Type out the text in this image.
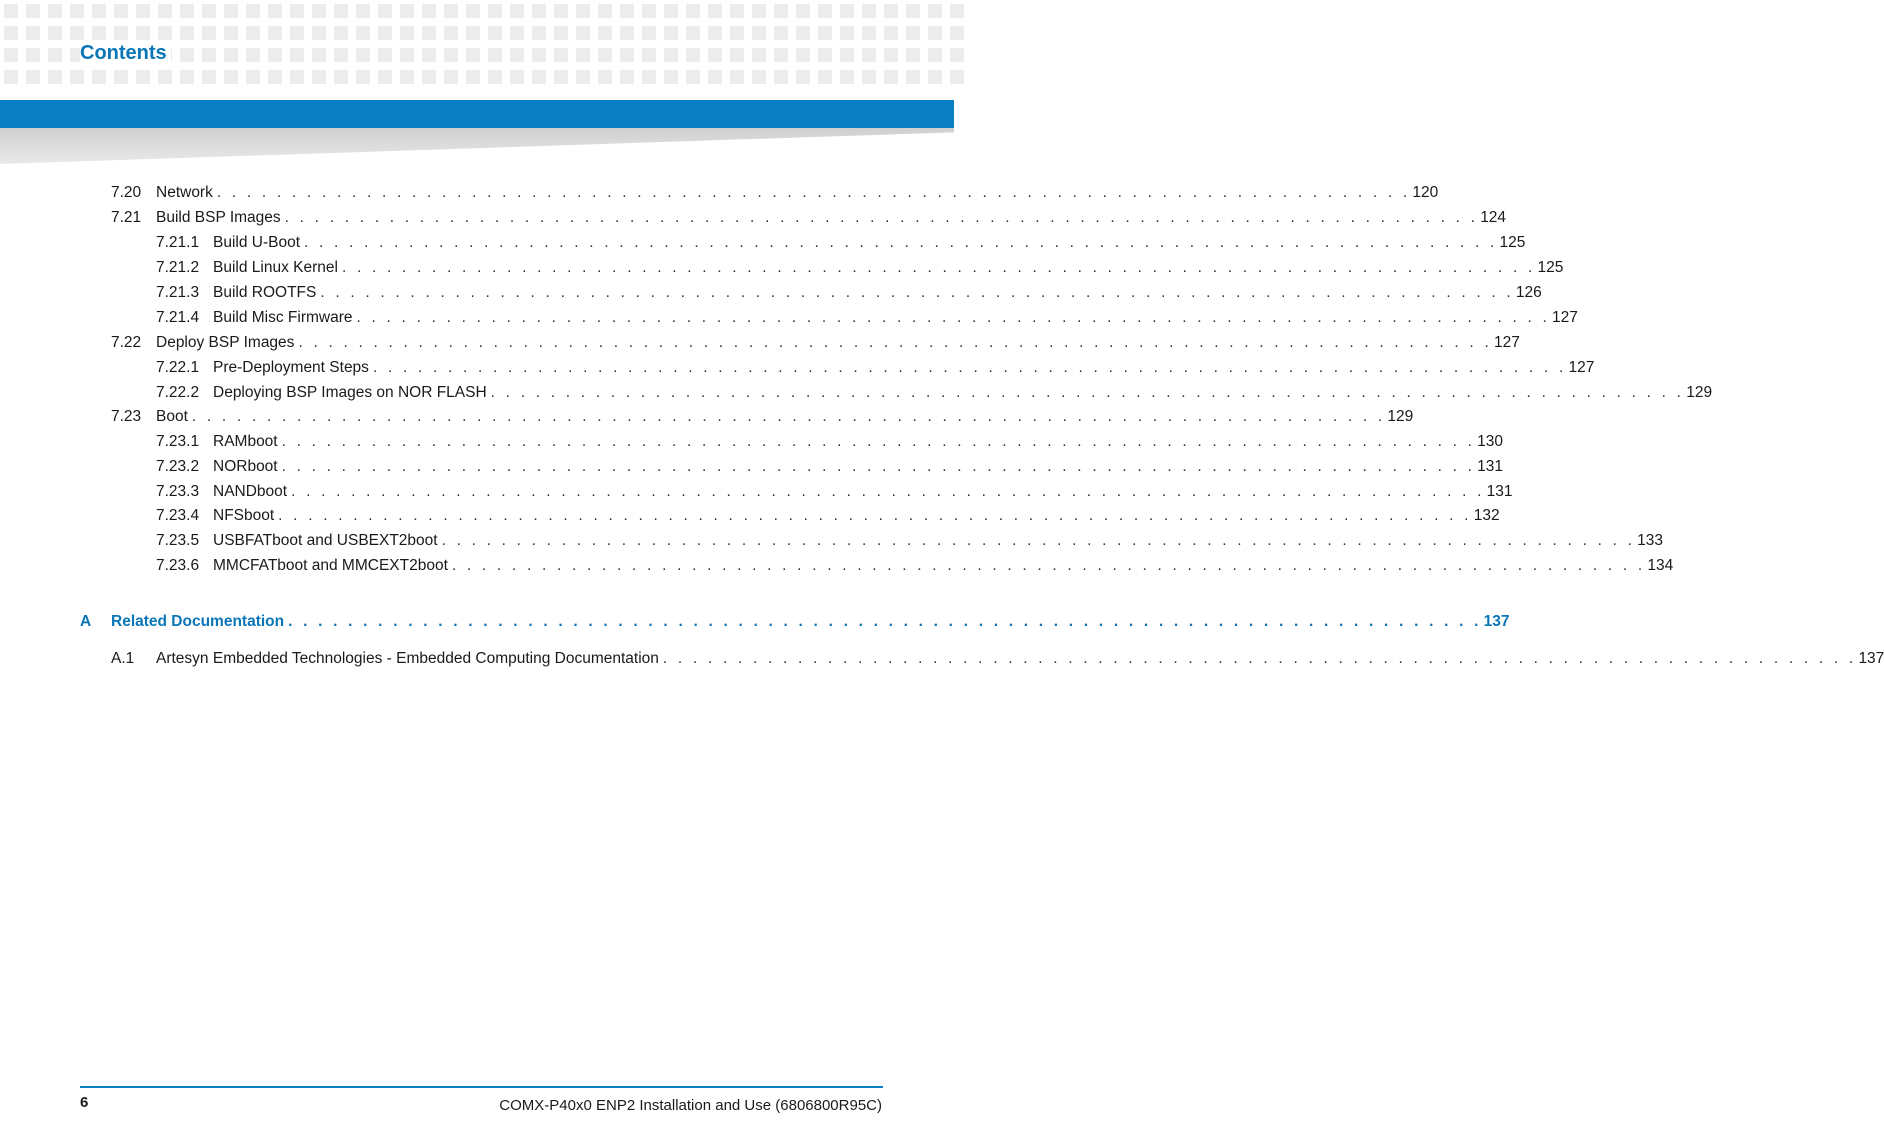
Contents
7.20 Network . . . . . . . . . . . . . . . . . . . . . . . . . . . . . . . . . . . . . . . . . . . . . . . . . . . . . . . . . . . . . . . . . . . . . . . . . . . . . . . . 120
7.21 Build BSP Images . . . . . . . . . . . . . . . . . . . . . . . . . . . . . . . . . . . . . . . . . . . . . . . . . . . . . . . . . . . . . . . . . . . . . . . . . . . . . . . . 124
7.21.1 Build U-Boot . . . . . . . . . . . . . . . . . . . . . . . . . . . . . . . . . . . . . . . . . . . . . . . . . . . . . . . . . . . . . . . . . . . . . . . . . . . . . . . . 125
7.21.2 Build Linux Kernel . . . . . . . . . . . . . . . . . . . . . . . . . . . . . . . . . . . . . . . . . . . . . . . . . . . . . . . . . . . . . . . . . . . . . . . . . . . . . . . . 125
7.21.3 Build ROOTFS . . . . . . . . . . . . . . . . . . . . . . . . . . . . . . . . . . . . . . . . . . . . . . . . . . . . . . . . . . . . . . . . . . . . . . . . . . . . . . . . 126
7.21.4 Build Misc Firmware . . . . . . . . . . . . . . . . . . . . . . . . . . . . . . . . . . . . . . . . . . . . . . . . . . . . . . . . . . . . . . . . . . . . . . . . . . . . . . . . 127
7.22 Deploy BSP Images . . . . . . . . . . . . . . . . . . . . . . . . . . . . . . . . . . . . . . . . . . . . . . . . . . . . . . . . . . . . . . . . . . . . . . . . . . . . . . . . 127
7.22.1 Pre-Deployment Steps . . . . . . . . . . . . . . . . . . . . . . . . . . . . . . . . . . . . . . . . . . . . . . . . . . . . . . . . . . . . . . . . . . . . . . . . . . . . . . . . 127
7.22.2 Deploying BSP Images on NOR FLASH . . . . . . . . . . . . . . . . . . . . . . . . . . . . . . . . . . . . . . . . . . . . . . . . . . . . . . . . . . . . . . . . . . . . . . . . . . . . . . . . 129
7.23 Boot . . . . . . . . . . . . . . . . . . . . . . . . . . . . . . . . . . . . . . . . . . . . . . . . . . . . . . . . . . . . . . . . . . . . . . . . . . . . . . . . 129
7.23.1 RAMboot . . . . . . . . . . . . . . . . . . . . . . . . . . . . . . . . . . . . . . . . . . . . . . . . . . . . . . . . . . . . . . . . . . . . . . . . . . . . . . . . 130
7.23.2 NORboot . . . . . . . . . . . . . . . . . . . . . . . . . . . . . . . . . . . . . . . . . . . . . . . . . . . . . . . . . . . . . . . . . . . . . . . . . . . . . . . . 131
7.23.3 NANDboot . . . . . . . . . . . . . . . . . . . . . . . . . . . . . . . . . . . . . . . . . . . . . . . . . . . . . . . . . . . . . . . . . . . . . . . . . . . . . . . . 131
7.23.4 NFSboot . . . . . . . . . . . . . . . . . . . . . . . . . . . . . . . . . . . . . . . . . . . . . . . . . . . . . . . . . . . . . . . . . . . . . . . . . . . . . . . . 132
7.23.5 USBFATboot and USBEXT2boot . . . . . . . . . . . . . . . . . . . . . . . . . . . . . . . . . . . . . . . . . . . . . . . . . . . . . . . . . . . . . . . . . . . . . . . . . . . . . . . . 133
7.23.6 MMCFATboot and MMCEXT2boot . . . . . . . . . . . . . . . . . . . . . . . . . . . . . . . . . . . . . . . . . . . . . . . . . . . . . . . . . . . . . . . . . . . . . . . . . . . . . . . . 134
A	Related Documentation . . . . . . . . . . . . . . . . . . . . . . . . . . . . . . . . . . . . . . . . . . . . . . . . . . . . . . . . . . . . . . . . . . . . . . . . . . . . . . . . 137
A.1	Artesyn Embedded Technologies - Embedded Computing Documentation . . . . . . . . . . . . . . . . . . . . . . . . . . . . . . . . . . . . . . . . . . . . . . . . . . . . . . . . . . . . . . . . . . . . . . . . . . . . . . . . 137
6	COMX-P40x0 ENP2 Installation and Use (6806800R95C)
